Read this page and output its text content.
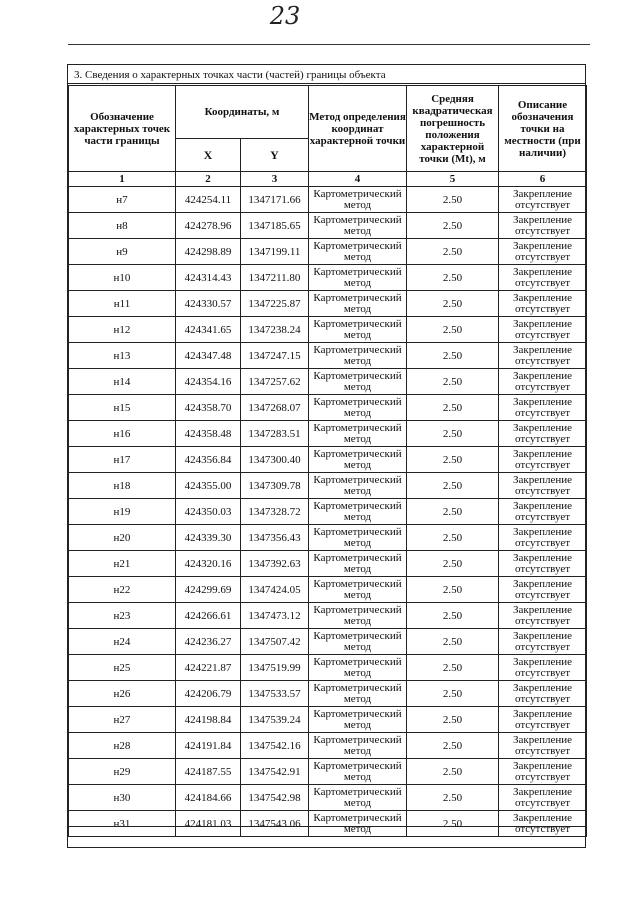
23
3. Сведения о характерных точках части (частей) границы объекта
Обозначение характерных точек части границы	Координаты, м		Метод определения координат характерной точки	Средняя квадратическая погрешность положения характерной точки (Мt), м	Описание обозначения точки на местности (при наличии)
	X	Y			
1	2	3	4	5	6
н7	424254.11	1347171.66	Картометрический метод	2.50	Закрепление отсутствует
н8	424278.96	1347185.65	Картометрический метод	2.50	Закрепление отсутствует
н9	424298.89	1347199.11	Картометрический метод	2.50	Закрепление отсутствует
н10	424314.43	1347211.80	Картометрический метод	2.50	Закрепление отсутствует
н11	424330.57	1347225.87	Картометрический метод	2.50	Закрепление отсутствует
н12	424341.65	1347238.24	Картометрический метод	2.50	Закрепление отсутствует
н13	424347.48	1347247.15	Картометрический метод	2.50	Закрепление отсутствует
н14	424354.16	1347257.62	Картометрический метод	2.50	Закрепление отсутствует
н15	424358.70	1347268.07	Картометрический метод	2.50	Закрепление отсутствует
н16	424358.48	1347283.51	Картометрический метод	2.50	Закрепление отсутствует
н17	424356.84	1347300.40	Картометрический метод	2.50	Закрепление отсутствует
н18	424355.00	1347309.78	Картометрический метод	2.50	Закрепление отсутствует
н19	424350.03	1347328.72	Картометрический метод	2.50	Закрепление отсутствует
н20	424339.30	1347356.43	Картометрический метод	2.50	Закрепление отсутствует
н21	424320.16	1347392.63	Картометрический метод	2.50	Закрепление отсутствует
н22	424299.69	1347424.05	Картометрический метод	2.50	Закрепление отсутствует
н23	424266.61	1347473.12	Картометрический метод	2.50	Закрепление отсутствует
н24	424236.27	1347507.42	Картометрический метод	2.50	Закрепление отсутствует
н25	424221.87	1347519.99	Картометрический метод	2.50	Закрепление отсутствует
н26	424206.79	1347533.57	Картометрический метод	2.50	Закрепление отсутствует
н27	424198.84	1347539.24	Картометрический метод	2.50	Закрепление отсутствует
н28	424191.84	1347542.16	Картометрический метод	2.50	Закрепление отсутствует
н29	424187.55	1347542.91	Картометрический метод	2.50	Закрепление отсутствует
н30	424184.66	1347542.98	Картометрический метод	2.50	Закрепление отсутствует
н31	424181.03	1347543.06	Картометрический метод	2.50	Закрепление отсутствует
